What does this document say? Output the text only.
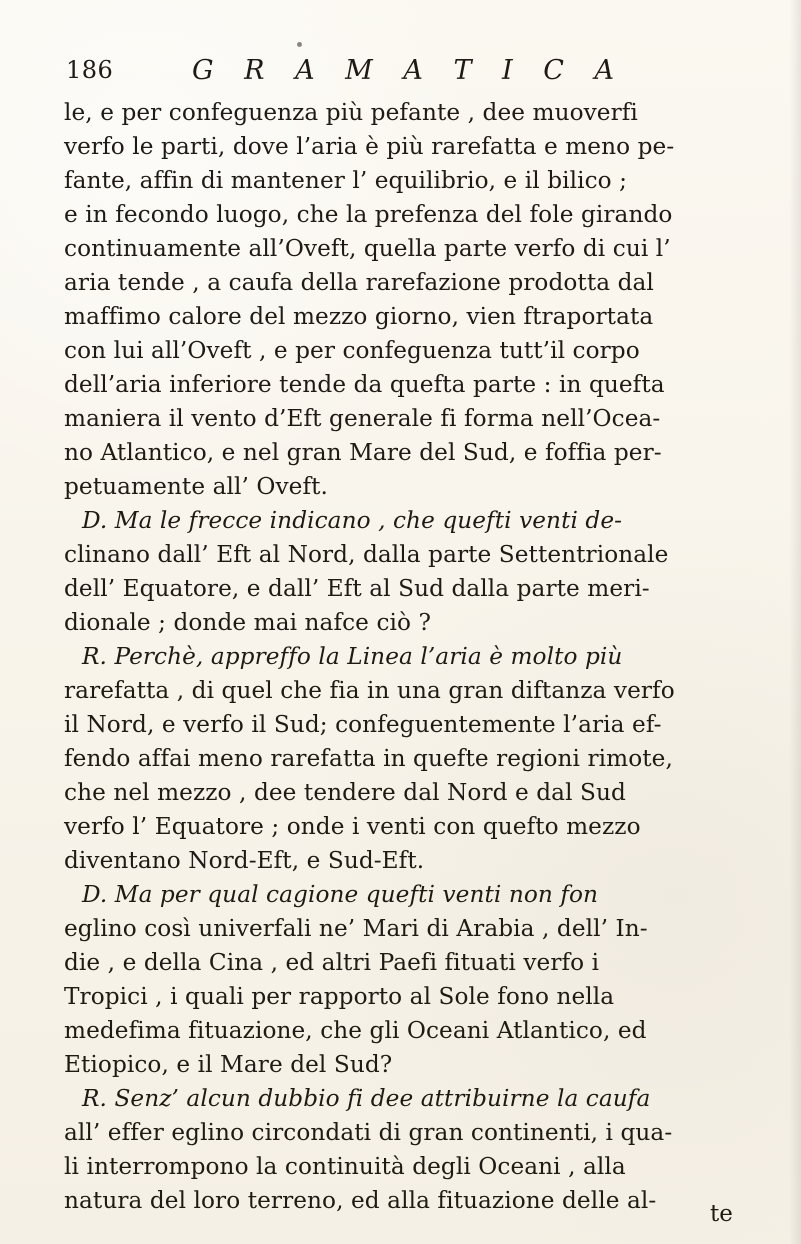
186	G R A M A T I C A
le, e per confeguenza più pefante , dee muoverfi
verfo le parti, dove l’aria è più rarefatta e meno pe-
fante, affin di mantener l’ equilibrio, e il bilico ;
e in fecondo luogo, che la prefenza del fole girando
continuamente all’Oveft, quella parte verfo di cui l’
aria tende , a caufa della rarefazione prodotta dal
maffimo calore del mezzo giorno, vien ftraportata
con lui all’Oveft , e per confeguenza tutt’il corpo
dell’aria inferiore tende da quefta parte : in quefta
maniera il vento d’Eft generale fi forma nell’Ocea-
no Atlantico, e nel gran Mare del Sud, e foffia per-
petuamente all’ Oveft.
D. Ma le frecce indicano , che quefti venti de-
clinano dall’ Eft al Nord, dalla parte Settentrionale
dell’ Equatore, e dall’ Eft al Sud dalla parte meri-
dionale ; donde mai nafce ciò ?
R. Perchè, appreffo la Linea l’aria è molto più
rarefatta , di quel che fia in una gran diftanza verfo
il Nord, e verfo il Sud; confeguentemente l’aria ef-
fendo affai meno rarefatta in quefte regioni rimote,
che nel mezzo , dee tendere dal Nord e dal Sud
verfo l’ Equatore ; onde i venti con quefto mezzo
diventano Nord-Eft, e Sud-Eft.
D. Ma per qual cagione quefti venti non fon
eglino così univerfali ne’ Mari di Arabia , dell’ In-
die , e della Cina , ed altri Paefi fituati verfo i
Tropici , i quali per rapporto al Sole fono nella
medefima fituazione, che gli Oceani Atlantico, ed
Etiopico, e il Mare del Sud?
R. Senz’ alcun dubbio fi dee attribuirne la caufa
all’ effer eglino circondati di gran continenti, i qua-
li interrompono la continuità degli Oceani , alla
natura del loro terreno, ed alla fituazione delle al- te
